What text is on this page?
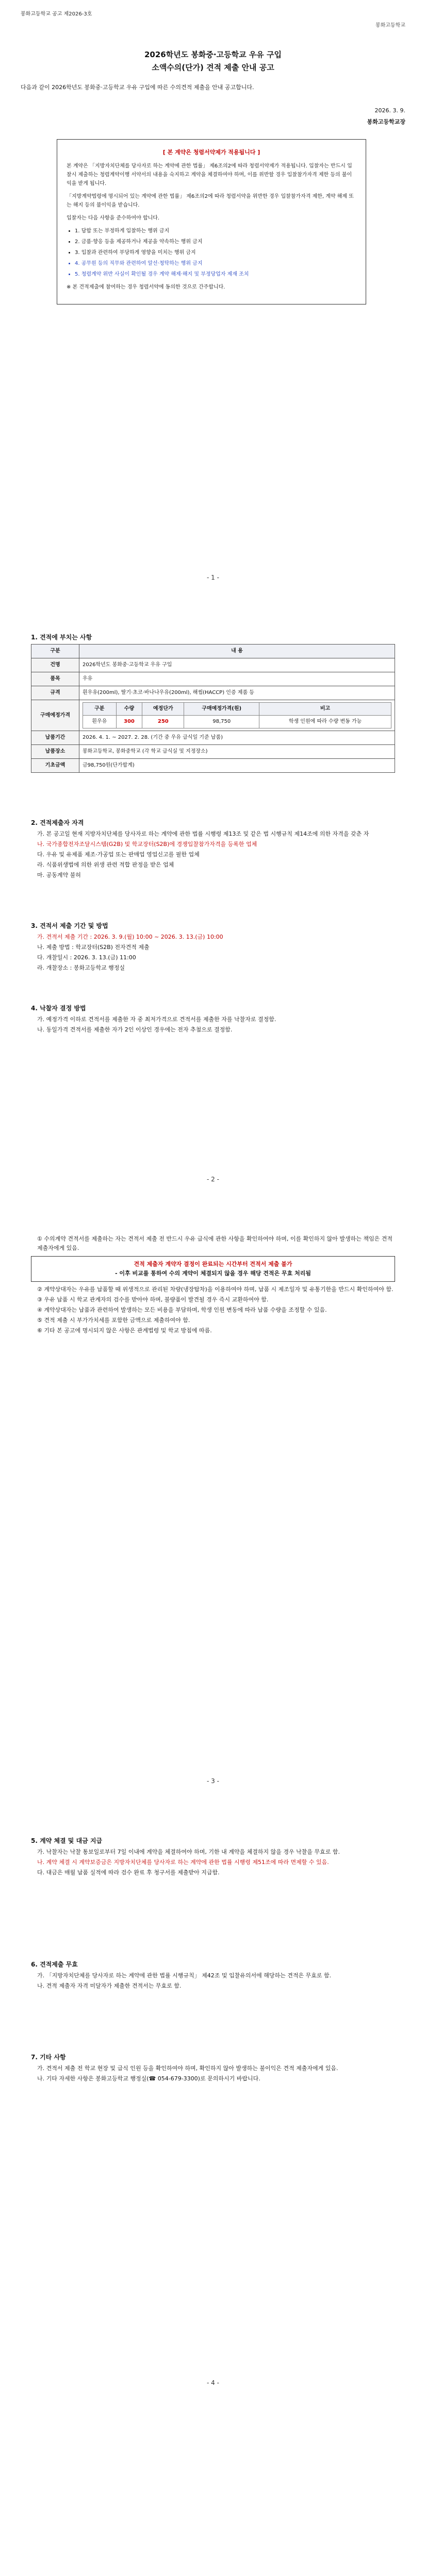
봉화고등학교 공고 제2026-3호
봉화고등학교
2026학년도 봉화중·고등학교 우유 구입
소액수의(단가) 견적 제출 안내 공고
다음과 같이 2026학년도 봉화중·고등학교 우유 구입에 따른 수의견적 제출을 안내 공고합니다.
2026. 3. 9.
봉화고등학교장
[ 본 계약은 청렴서약제가 적용됩니다 ]

본 계약은 「지방자치단체를 당사자로 하는 계약에 관한 법률」 제6조의2에 따라 청렴서약제가 적용됩니다. 입찰자는 반드시 입찰시 제출하는 청렴계약이행 서약서의 내용을 숙지하고 계약을 체결하여야 하며, 이를 위반할 경우 입찰참가자격 제한 등의 불이익을 받게 됩니다.

「지방계약법령에 명시되어 있는 계약에 관한 법률」 제6조의2에 따라 청렴서약을 위반한 경우 입찰참가자격 제한, 계약 해제 또는 해지 등의 불이익을 받습니다.

입찰자는 다음 사항을 준수하여야 합니다.

• 1. 담합 또는 부정하게 입찰하는 행위 금지
• 2. 금품·향응 등을 제공하거나 제공을 약속하는 행위 금지
• 3. 입찰과 관련하여 부당하게 영향을 미치는 행위 금지
• 4. 공무원 등의 직무와 관련하여 알선·청탁하는 행위 금지
• 5. 청렴계약 위반 사실이 확인될 경우 계약 해제·해지 및 부정당업자 제재 조치

※ 본 견적제출에 참여하는 경우 청렴서약에 동의한 것으로 간주합니다.

- 1 -
1. 견적에 부치는 사항
구분	내 용
건명	2026학년도 봉화중·고등학교 우유 구입
품목	우유
규격	흰우유(200ml), 딸기·초코·바나나우유(200ml), 해썹(HACCP) 인증 제품 등
구매예정가격	
구분	수량	예정단가	구매예정가격(원)	비고
흰우유	300	250	98,750	학생 인원에 따라 수량 변동 가능

납품기간	2026. 4. 1. ~ 2027. 2. 28. (기간 중 우유 급식일 기준 납품)
납품장소	봉화고등학교, 봉화중학교 (각 학교 급식실 및 지정장소)
기초금액	금98,750원(단가합계)
2. 견적제출자 자격
가. 본 공고일 현재 지방자치단체를 당사자로 하는 계약에 관한 법률 시행령 제13조 및 같은 법 시행규칙 제14조에 의한 자격을 갖춘 자
나. 국가종합전자조달시스템(G2B) 및 학교장터(S2B)에 경쟁입찰참가자격을 등록한 업체
다. 우유 및 유제품 제조·가공업 또는 판매업 영업신고를 필한 업체
라. 식품위생법에 의한 위생 관련 적합 판정을 받은 업체
마. 공동계약 불허
3. 견적서 제출 기간 및 방법
가. 견적서 제출 기간 : 2026. 3. 9.(월) 10:00 ~ 2026. 3. 13.(금) 10:00
나. 제출 방법 : 학교장터(S2B) 전자견적 제출
다. 개찰일시 : 2026. 3. 13.(금) 11:00
라. 개찰장소 : 봉화고등학교 행정실
4. 낙찰자 결정 방법
가. 예정가격 이하로 견적서를 제출한 자 중 최저가격으로 견적서를 제출한 자를 낙찰자로 결정함.
나. 동일가격 견적서를 제출한 자가 2인 이상인 경우에는 전자 추첨으로 결정함.
- 2 -
① 수의계약 견적서를 제출하는 자는 견적서 제출 전 반드시 우유 급식에 관한 사항을 확인하여야 하며, 이를 확인하지 않아 발생하는 책임은 견적 제출자에게 있음.
견적 제출자 계약자 결정이 완료되는 시간부터 견적서 제출 불가
- 이후 비교를 통하여 수의 계약이 체결되지 않을 경우 해당 견적은 무효 처리됨
② 계약상대자는 우유를 납품할 때 위생적으로 관리된 차량(냉장탑차)을 이용하여야 하며, 납품 시 제조일자 및 유통기한을 반드시 확인하여야 함.
③ 우유 납품 시 학교 관계자의 검수를 받아야 하며, 불량품이 발견될 경우 즉시 교환하여야 함.
④ 계약상대자는 납품과 관련하여 발생하는 모든 비용을 부담하며, 학생 인원 변동에 따라 납품 수량을 조정할 수 있음.
⑤ 견적 제출 시 부가가치세를 포함한 금액으로 제출하여야 함.
⑥ 기타 본 공고에 명시되지 않은 사항은 관계법령 및 학교 방침에 따름.
- 3 -
5. 계약 체결 및 대금 지급
가. 낙찰자는 낙찰 통보일로부터 7일 이내에 계약을 체결하여야 하며, 기한 내 계약을 체결하지 않을 경우 낙찰을 무효로 함.
나. 계약 체결 시 계약보증금은 지방자치단체를 당사자로 하는 계약에 관한 법률 시행령 제51조에 따라 면제할 수 있음.
다. 대금은 매월 납품 실적에 따라 검수 완료 후 청구서를 제출받아 지급함.
6. 견적제출 무효
가. 「지방자치단체를 당사자로 하는 계약에 관한 법률 시행규칙」 제42조 및 입찰유의서에 해당하는 견적은 무효로 함.
나. 견적 제출자 자격 미달자가 제출한 견적서는 무효로 함.
7. 기타 사항
가. 견적서 제출 전 학교 현장 및 급식 인원 등을 확인하여야 하며, 확인하지 않아 발생하는 불이익은 견적 제출자에게 있음.
나. 기타 자세한 사항은 봉화고등학교 행정실(☎ 054-679-3300)로 문의하시기 바랍니다.
- 4 -
